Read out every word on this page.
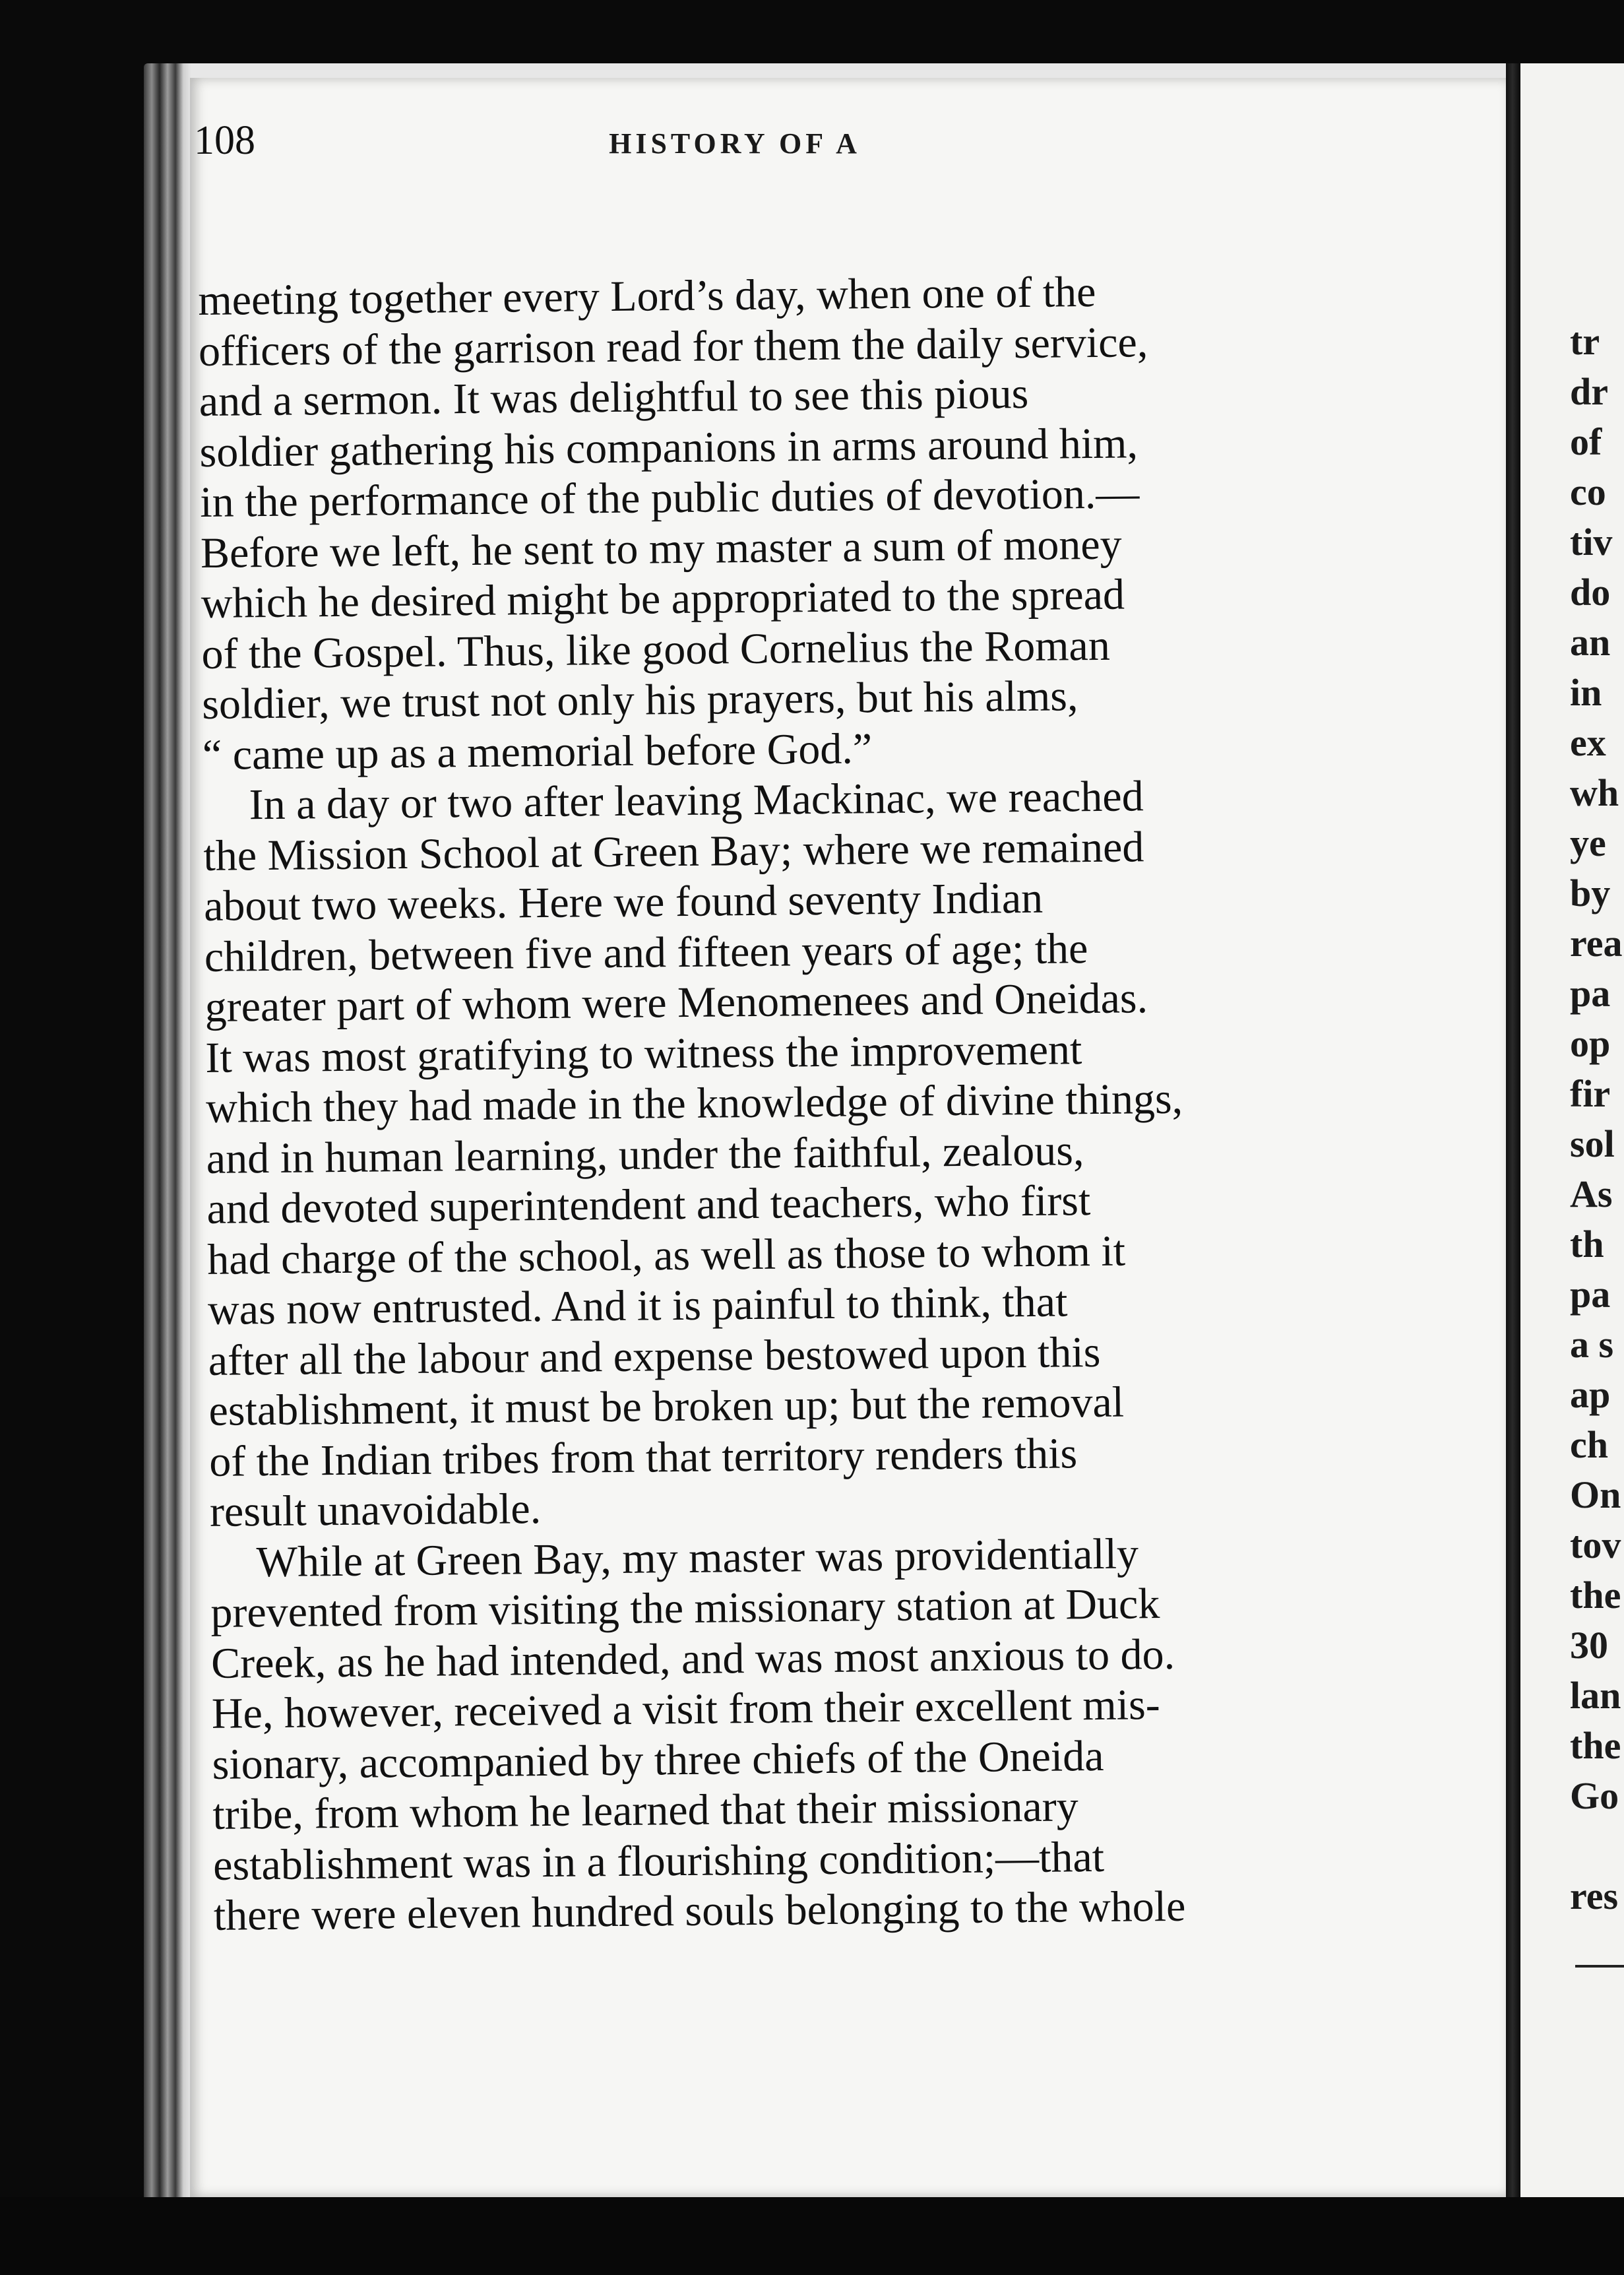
108	HISTORY OF A
meeting together every Lord’s day, when one of the
officers of the garrison read for them the daily service,
and a sermon. It was delightful to see this pious
soldier gathering his companions in arms around him,
in the performance of the public duties of devotion.—
Before we left, he sent to my master a sum of money
which he desired might be appropriated to the spread
of the Gospel. Thus, like good Cornelius the Roman
soldier, we trust not only his prayers, but his alms,
“ came up as a memorial before God.”
In a day or two after leaving Mackinac, we reached
the Mission School at Green Bay; where we remained
about two weeks. Here we found seventy Indian
children, between five and fifteen years of age; the
greater part of whom were Menomenees and Oneidas.
It was most gratifying to witness the improvement
which they had made in the knowledge of divine things,
and in human learning, under the faithful, zealous,
and devoted superintendent and teachers, who first
had charge of the school, as well as those to whom it
was now entrusted. And it is painful to think, that
after all the labour and expense bestowed upon this
establishment, it must be broken up; but the removal
of the Indian tribes from that territory renders this
result unavoidable.
While at Green Bay, my master was providentially
prevented from visiting the missionary station at Duck
Creek, as he had intended, and was most anxious to do.
He, however, received a visit from their excellent mis-
sionary, accompanied by three chiefs of the Oneida
tribe, from whom he learned that their missionary
establishment was in a flourishing condition;—that
there were eleven hundred souls belonging to the whole
tr
dr
of
co
tiv
do
an
in
ex
wh
ye
by
rea
pa
op
fir
sol
As
th
pa
a s
ap
ch
On
tov
the
30
lan
the
Go
res
